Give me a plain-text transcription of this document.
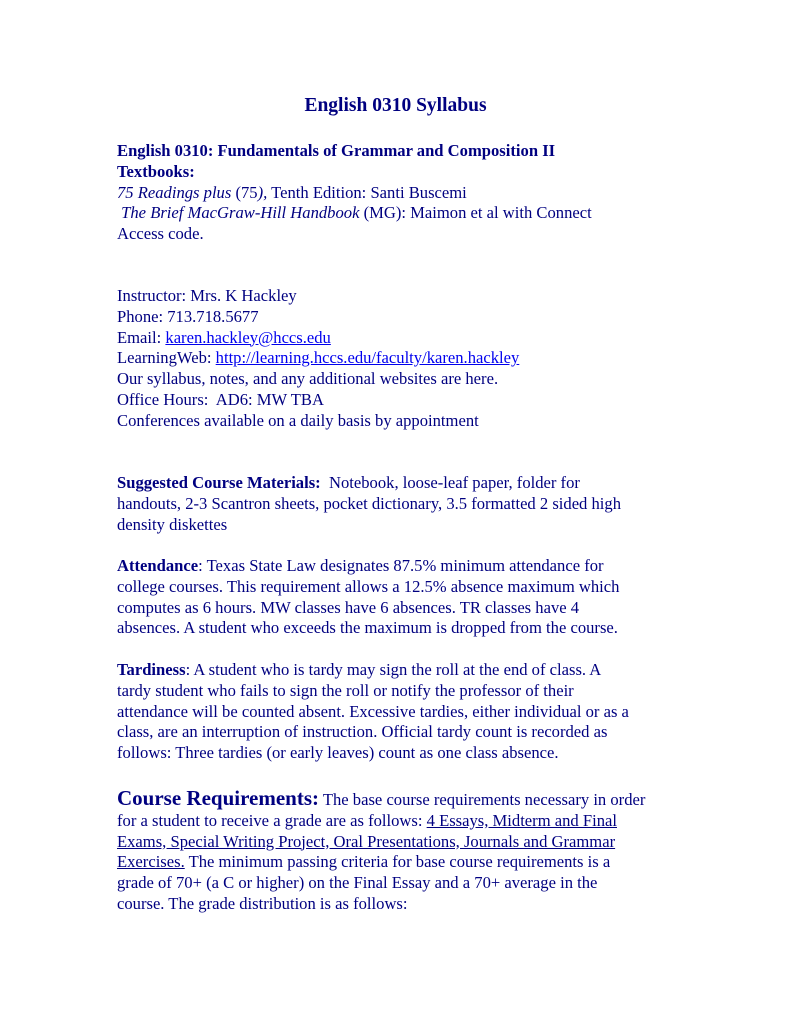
English 0310 Syllabus
English 0310: Fundamentals of Grammar and Composition II
Textbooks:
75 Readings plus (75), Tenth Edition: Santi Buscemi
The Brief MacGraw-Hill Handbook (MG): Maimon et al with Connect
Access code.
Instructor: Mrs. K Hackley
Phone: 713.718.5677
Email: karen.hackley@hccs.edu
LearningWeb: http://learning.hccs.edu/faculty/karen.hackley
Our syllabus, notes, and any additional websites are here.
Office Hours:  AD6: MW TBA
Conferences available on a daily basis by appointment
Suggested Course Materials:  Notebook, loose-leaf paper, folder for
handouts, 2-3 Scantron sheets, pocket dictionary, 3.5 formatted 2 sided high
density diskettes
Attendance: Texas State Law designates 87.5% minimum attendance for
college courses. This requirement allows a 12.5% absence maximum which
computes as 6 hours. MW classes have 6 absences. TR classes have 4
absences. A student who exceeds the maximum is dropped from the course.
Tardiness: A student who is tardy may sign the roll at the end of class. A
tardy student who fails to sign the roll or notify the professor of their
attendance will be counted absent. Excessive tardies, either individual or as a
class, are an interruption of instruction. Official tardy count is recorded as
follows: Three tardies (or early leaves) count as one class absence.
Course Requirements: The base course requirements necessary in order
for a student to receive a grade are as follows: 4 Essays, Midterm and Final
Exams, Special Writing Project, Oral Presentations, Journals and Grammar
Exercises. The minimum passing criteria for base course requirements is a
grade of 70+ (a C or higher) on the Final Essay and a 70+ average in the
course. The grade distribution is as follows:
